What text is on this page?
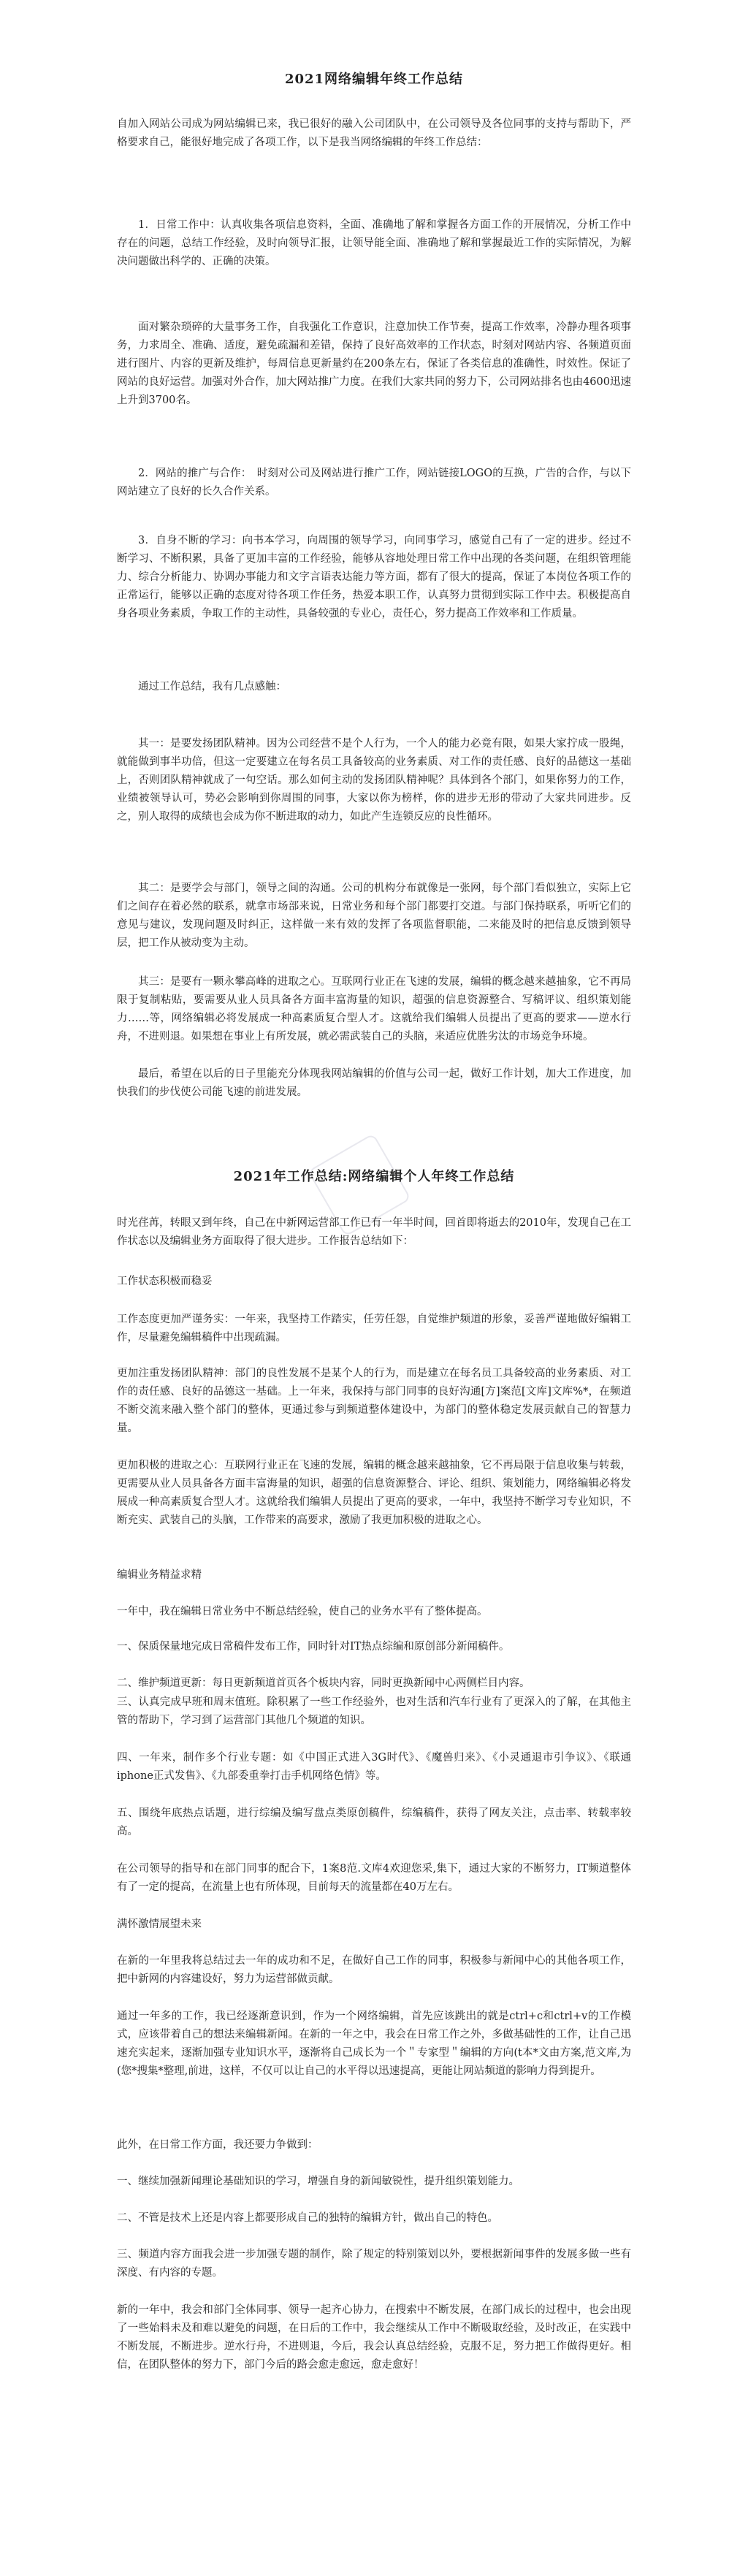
2021网络编辑年终工作总结

自加入网站公司成为网站编辑已来，我已很好的融入公司团队中，在公司领导及各位同事的支持与帮助下，严格要求自己，能很好地完成了各项工作，以下是我当网络编辑的年终工作总结：

1．日常工作中：认真收集各项信息资料，全面、准确地了解和掌握各方面工作的开展情况，分析工作中存在的问题，总结工作经验，及时向领导汇报，让领导能全面、准确地了解和掌握最近工作的实际情况，为解决问题做出科学的、正确的决策。

面对繁杂琐碎的大量事务工作，自我强化工作意识，注意加快工作节奏，提高工作效率，冷静办理各项事务，力求周全、准确、适度，避免疏漏和差错，保持了良好高效率的工作状态，时刻对网站内容、各频道页面进行图片、内容的更新及维护，每周信息更新量约在200条左右，保证了各类信息的准确性，时效性。保证了网站的良好运营。加强对外合作，加大网站推广力度。在我们大家共同的努力下，公司网站排名也由4600迅速上升到3700名。

2．网站的推广与合作：　时刻对公司及网站进行推广工作，网站链接LOGO的互换，广告的合作，与以下网站建立了良好的长久合作关系。

3．自身不断的学习：向书本学习，向周围的领导学习，向同事学习，感觉自己有了一定的进步。经过不断学习、不断积累，具备了更加丰富的工作经验，能够从容地处理日常工作中出现的各类问题，在组织管理能力、综合分析能力、协调办事能力和文字言语表达能力等方面，都有了很大的提高，保证了本岗位各项工作的正常运行，能够以正确的态度对待各项工作任务，热爱本职工作，认真努力贯彻到实际工作中去。积极提高自身各项业务素质，争取工作的主动性，具备较强的专业心，责任心，努力提高工作效率和工作质量。

通过工作总结，我有几点感触：

其一：是要发扬团队精神。因为公司经营不是个人行为，一个人的能力必竟有限，如果大家拧成一股绳，就能做到事半功倍，但这一定要建立在每名员工具备较高的业务素质、对工作的责任感、良好的品德这一基础上，否则团队精神就成了一句空话。那么如何主动的发扬团队精神呢？具体到各个部门，如果你努力的工作，业绩被领导认可，势必会影响到你周围的同事，大家以你为榜样，你的进步无形的带动了大家共同进步。反之，别人取得的成绩也会成为你不断进取的动力，如此产生连锁反应的良性循环。

其二：是要学会与部门，领导之间的沟通。公司的机构分布就像是一张网，每个部门看似独立，实际上它们之间存在着必然的联系，就拿市场部来说，日常业务和每个部门都要打交道。与部门保持联系，听听它们的意见与建议，发现问题及时纠正，这样做一来有效的发挥了各项监督职能，二来能及时的把信息反馈到领导层，把工作从被动变为主动。

其三：是要有一颗永攀高峰的进取之心。互联网行业正在飞速的发展，编辑的概念越来越抽象，它不再局限于复制粘贴，要需要从业人员具备各方面丰富海量的知识，超强的信息资源整合、写稿评议、组织策划能力……等，网络编辑必将发展成一种高素质复合型人才。这就给我们编辑人员提出了更高的要求——逆水行舟，不进则退。如果想在事业上有所发展，就必需武装自己的头脑，来适应优胜劣汰的市场竞争环境。

最后，希望在以后的日子里能充分体现我网站编辑的价值与公司一起，做好工作计划，加大工作进度，加快我们的步伐使公司能飞速的前进发展。

2021年工作总结:网络编辑个人年终工作总结

时光荏苒，转眼又到年终，自己在中新网运营部工作已有一年半时间，回首即将逝去的2010年，发现自己在工作状态以及编辑业务方面取得了很大进步。工作报告总结如下：

工作状态积极而稳妥

工作态度更加严谨务实：一年来，我坚持工作踏实，任劳任怨，自觉维护频道的形象，妥善严谨地做好编辑工作，尽量避免编辑稿件中出现疏漏。

更加注重发扬团队精神：部门的良性发展不是某个人的行为，而是建立在每名员工具备较高的业务素质、对工作的责任感、良好的品德这一基础。上一年来，我保持与部门同事的良好沟通[方]案范[文库]文库%*，在频道不断交流来融入整个部门的整体，更通过参与到频道整体建设中，为部门的整体稳定发展贡献自己的智慧力量。

更加积极的进取之心：互联网行业正在飞速的发展，编辑的概念越来越抽象，它不再局限于信息收集与转载，更需要从业人员具备各方面丰富海量的知识，超强的信息资源整合、评论、组织、策划能力，网络编辑必将发展成一种高素质复合型人才。这就给我们编辑人员提出了更高的要求，一年中，我坚持不断学习专业知识，不断充实、武装自己的头脑，工作带来的高要求，激励了我更加积极的进取之心。

编辑业务精益求精

一年中，我在编辑日常业务中不断总结经验，使自己的业务水平有了整体提高。

一、保质保量地完成日常稿件发布工作，同时针对IT热点综编和原创部分新闻稿件。

二、维护频道更新：每日更新频道首页各个板块内容，同时更换新闻中心两侧栏目内容。

三、认真完成早班和周末值班。除积累了一些工作经验外，也对生活和汽车行业有了更深入的了解，在其他主管的帮助下，学习到了运营部门其他几个频道的知识。

四、一年来，制作多个行业专题：如《中国正式进入3G时代》、《魔兽归来》、《小灵通退市引争议》、《联通iphone正式发售》、《九部委重拳打击手机网络色情》等。

五、围绕年底热点话题，进行综编及编写盘点类原创稿件，综编稿件，获得了网友关注，点击率、转载率较高。

在公司领导的指导和在部门同事的配合下，1案8范.文库4欢迎您采,集下，通过大家的不断努力，IT频道整体有了一定的提高，在流量上也有所体现，目前每天的流量都在40万左右。

满怀激情展望未来

在新的一年里我将总结过去一年的成功和不足，在做好自己工作的同事，积极参与新闻中心的其他各项工作，把中新网的内容建设好，努力为运营部做贡献。

通过一年多的工作，我已经逐渐意识到，作为一个网络编辑，首先应该跳出的就是ctrl+c和ctrl+v的工作模式，应该带着自己的想法来编辑新闻。在新的一年之中，我会在日常工作之外，多做基础性的工作，让自己迅速充实起来，逐渐加强专业知识水平，逐渐将自己成长为一个＂专家型＂编辑的方向(t本*文由方案,范文库,为(您*搜集*整理,前进，这样，不仅可以让自己的水平得以迅速提高，更能让网站频道的影响力得到提升。

此外，在日常工作方面，我还要力争做到：

一、继续加强新闻理论基础知识的学习，增强自身的新闻敏锐性，提升组织策划能力。

二、不管是技术上还是内容上都要形成自己的独特的编辑方针，做出自己的特色。

三、频道内容方面我会进一步加强专题的制作，除了规定的特别策划以外，要根据新闻事件的发展多做一些有深度、有内容的专题。

新的一年中，我会和部门全体同事、领导一起齐心协力，在搜索中不断发展，在部门成长的过程中，也会出现了一些始料未及和难以避免的问题，在日后的工作中，我会继续从工作中不断吸取经验，及时改正，在实践中不断发展，不断进步。逆水行舟，不进则退，今后，我会认真总结经验，克服不足，努力把工作做得更好。相信，在团队整体的努力下，部门今后的路会愈走愈远，愈走愈好！
